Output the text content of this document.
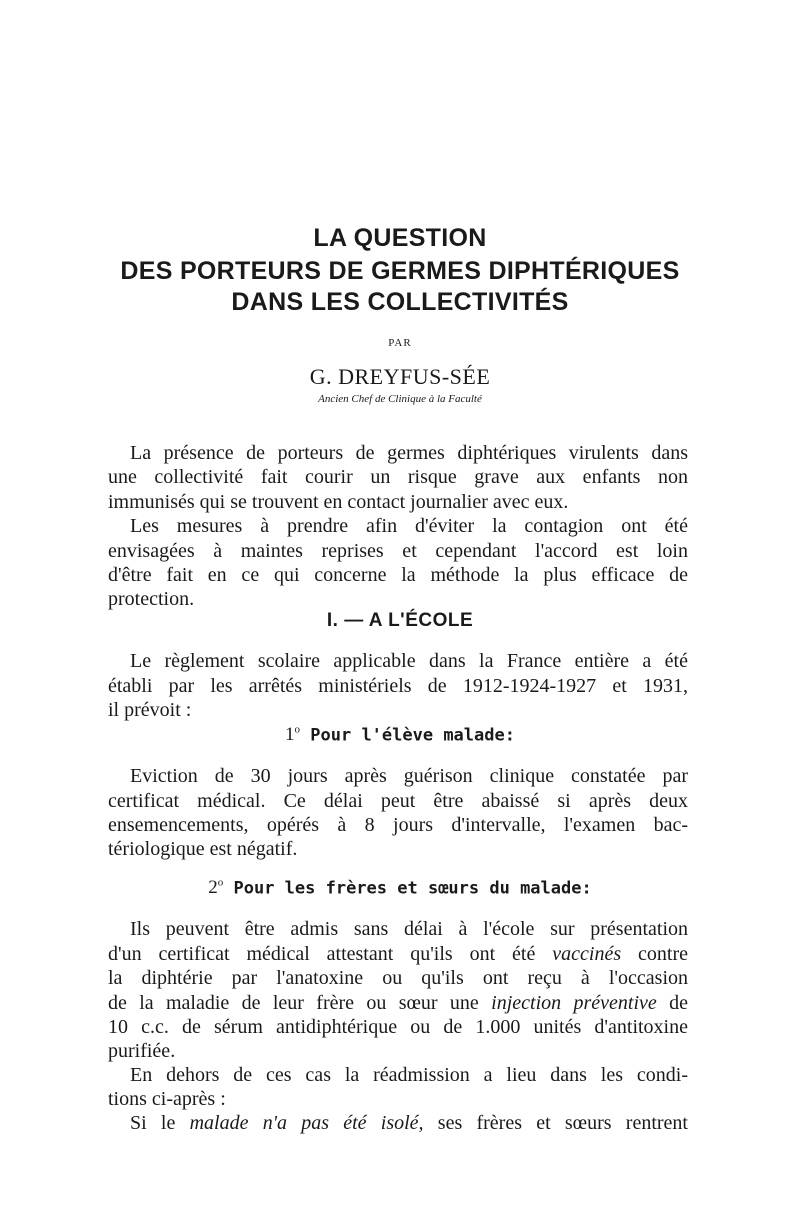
LA QUESTION
DES PORTEURS DE GERMES DIPHTÉRIQUES
DANS LES COLLECTIVITÉS
PAR
G. DREYFUS-SÉE
Ancien Chef de Clinique à la Faculté
La présence de porteurs de germes diphtériques virulents dans
une collectivité fait courir un risque grave aux enfants non
immunisés qui se trouvent en contact journalier avec eux.
Les mesures à prendre afin d'éviter la contagion ont été
envisagées à maintes reprises et cependant l'accord est loin
d'être fait en ce qui concerne la méthode la plus efficace de
protection.
I. — A L'ÉCOLE
Le règlement scolaire applicable dans la France entière a été
établi par les arrêtés ministériels de 1912-1924-1927 et 1931,
il prévoit :
1$^o$ Pour l'élève malade:
Eviction de 30 jours après guérison clinique constatée par
certificat médical. Ce délai peut être abaissé si après deux
ensemencements, opérés à 8 jours d'intervalle, l'examen bac-
tériologique est négatif.
2$^o$ Pour les frères et sœurs du malade:
Ils peuvent être admis sans délai à l'école sur présentation
d'un certificat médical attestant qu'ils ont été vaccinés contre
la diphtérie par l'anatoxine ou qu'ils ont reçu à l'occasion
de la maladie de leur frère ou sœur une injection préventive de
10 c.c. de sérum antidiphtérique ou de 1.000 unités d'antitoxine
purifiée.
En dehors de ces cas la réadmission a lieu dans les condi-
tions ci-après :
Si le malade n'a pas été isolé, ses frères et sœurs rentrent
